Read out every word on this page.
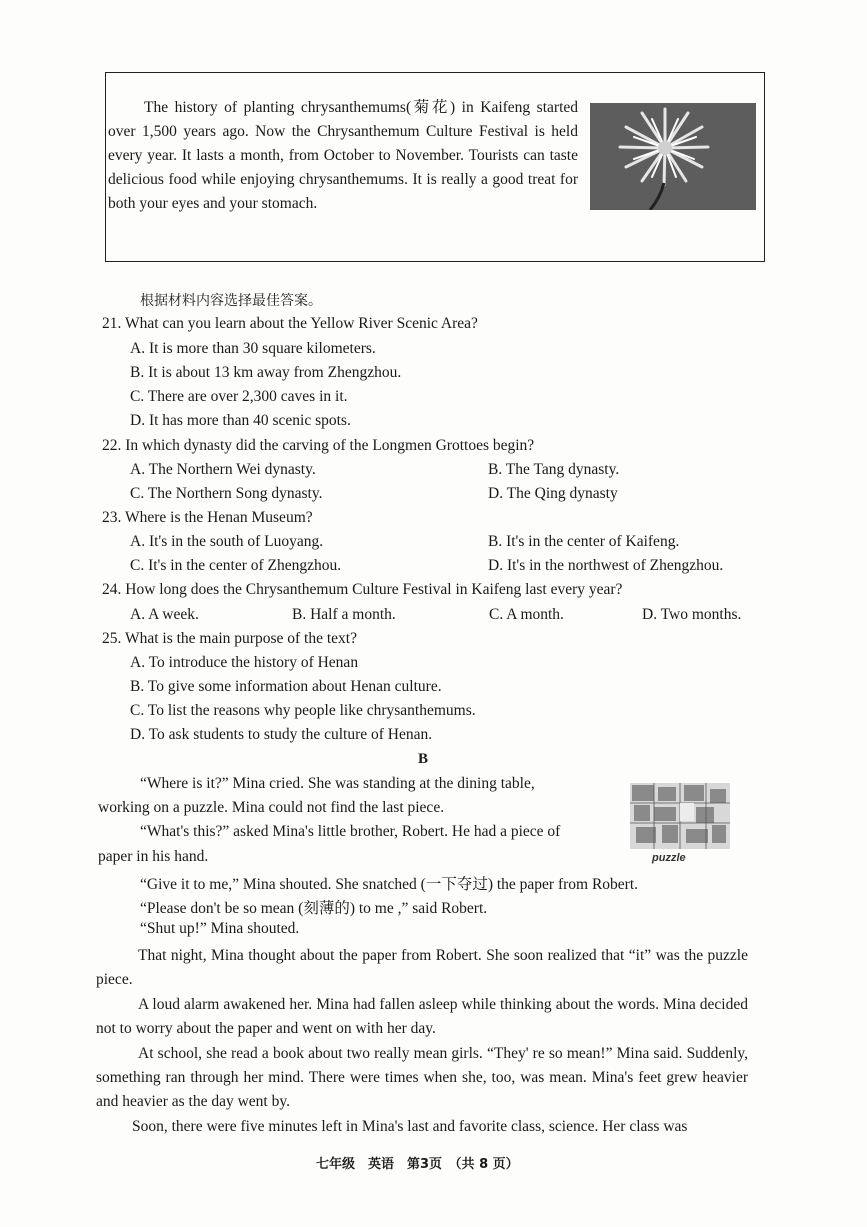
The history of planting chrysanthemums(菊花) in Kaifeng started over 1,500 years ago. Now the Chrysanthemum Culture Festival is held every year. It lasts a month, from October to November. Tourists can taste delicious food while enjoying chrysanthemums. It is really a good treat for both your eyes and your stomach.

根据材料内容选择最佳答案。
21. What can you learn about the Yellow River Scenic Area?
A. It is more than 30 square kilometers.
B. It is about 13 km away from Zhengzhou.
C. There are over 2,300 caves in it.
D. It has more than 40 scenic spots.
22. In which dynasty did the carving of the Longmen Grottoes begin?
A. The Northern Wei dynasty.	B. The Tang dynasty.
C. The Northern Song dynasty.	D. The Qing dynasty
23. Where is the Henan Museum?
A. It's in the south of Luoyang.	B. It's in the center of Kaifeng.
C. It's in the center of Zhengzhou.	D. It's in the northwest of Zhengzhou.
24. How long does the Chrysanthemum Culture Festival in Kaifeng last every year?
A. A week.	B. Half a month.	C. A month.	D. Two months.
25. What is the main purpose of the text?
A. To introduce the history of Henan
B. To give some information about Henan culture.
C. To list the reasons why people like chrysanthemums.
D. To ask students to study the culture of Henan.
B
puzzle
“Where is it?” Mina cried. She was standing at the dining table,
working on a puzzle. Mina could not find the last piece.
“What's this?” asked Mina's little brother, Robert. He had a piece of
paper in his hand.
“Give it to me,” Mina shouted. She snatched (一下夺过) the paper from Robert.
“Please don't be so mean (刻薄的) to me ,” said Robert.
“Shut up!” Mina shouted.

That night, Mina thought about the paper from Robert. She soon realized that “it” was the puzzle piece.

A loud alarm awakened her. Mina had fallen asleep while thinking about the words. Mina decided not to worry about the paper and went on with her day.

At school, she read a book about two really mean girls. “They' re so mean!” Mina said. Suddenly, something ran through her mind. There were times when she, too, was mean. Mina's feet grew heavier and heavier as the day went by.

Soon, there were five minutes left in Mina's last and favorite class, science. Her class was

七年级　英语　第3页　（共 8 页）
